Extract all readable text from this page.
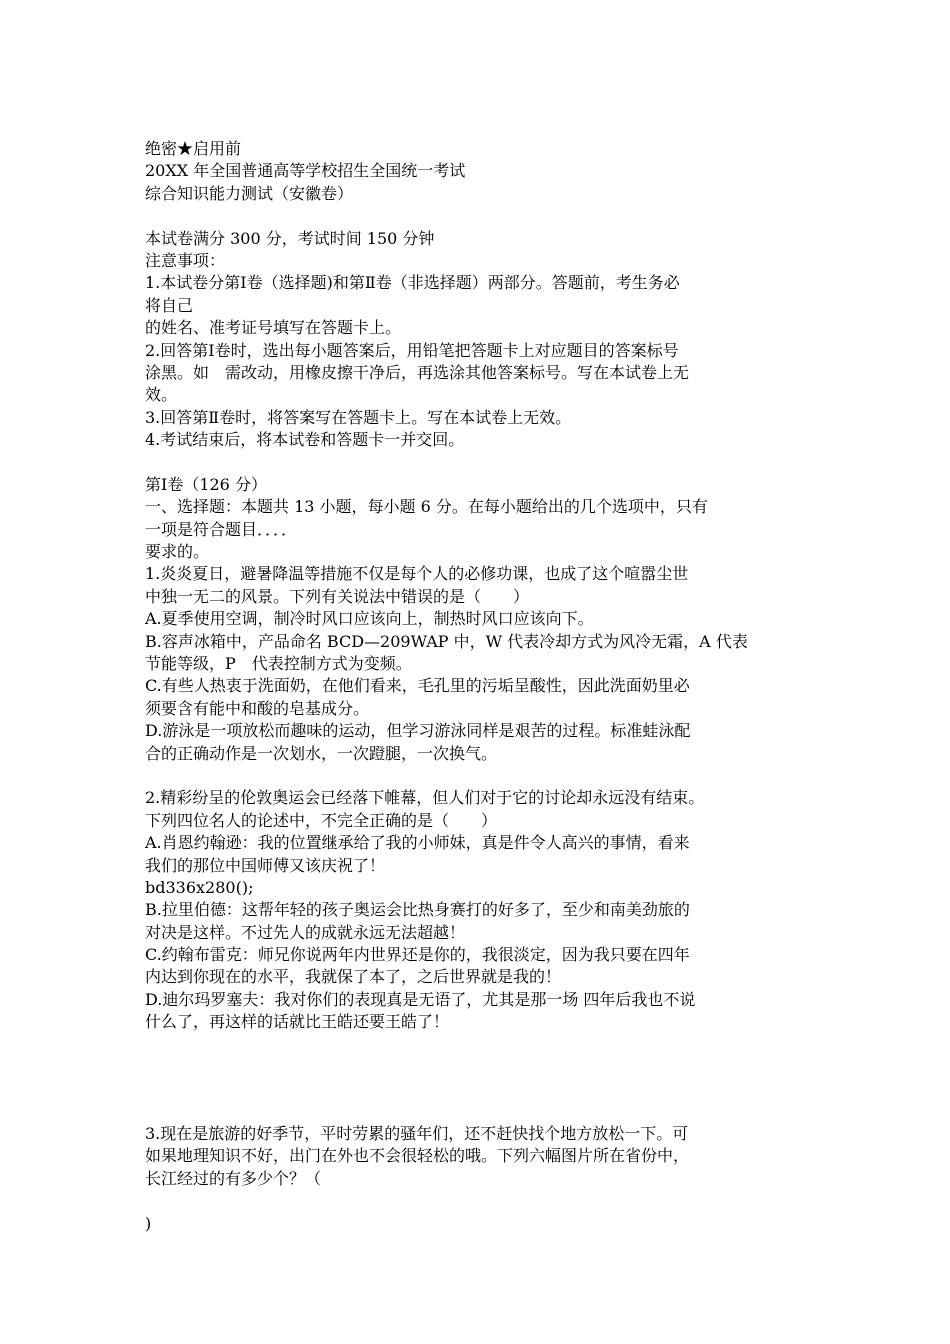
绝密★启用前
20XX 年全国普通高等学校招生全国统一考试
综合知识能力测试（安徽卷）
本试卷满分 300 分，考试时间 150 分钟
注意事项：
1.本试卷分第Ⅰ卷（选择题)和第Ⅱ卷（非选择题）两部分。答题前，考生务必
将自己
的姓名、准考证号填写在答题卡上。
2.回答第Ⅰ卷时，选出每小题答案后，用铅笔把答题卡上对应题目的答案标号
涂黑。如　需改动，用橡皮擦干净后，再选涂其他答案标号。写在本试卷上无
效。
3.回答第Ⅱ卷时，将答案写在答题卡上。写在本试卷上无效。
4.考试结束后，将本试卷和答题卡一并交回。
第Ⅰ卷（126 分）
一、选择题：本题共 13 小题，每小题 6 分。在每小题给出的几个选项中，只有
一项是符合题目．．．．
要求的。
1.炎炎夏日，避暑降温等措施不仅是每个人的必修功课，也成了这个喧嚣尘世
中独一无二的风景。下列有关说法中错误的是（　　）
A.夏季使用空调，制冷时风口应该向上，制热时风口应该向下。
B.容声冰箱中，产品命名 BCD—209WAP 中，W 代表冷却方式为风冷无霜，A 代表
节能等级，P　代表控制方式为变频。
C.有些人热衷于洗面奶，在他们看来，毛孔里的污垢呈酸性，因此洗面奶里必
须要含有能中和酸的皂基成分。
D.游泳是一项放松而趣味的运动，但学习游泳同样是艰苦的过程。标准蛙泳配
合的正确动作是一次划水，一次蹬腿，一次换气。
2.精彩纷呈的伦敦奥运会已经落下帷幕，但人们对于它的讨论却永远没有结束。
下列四位名人的论述中，不完全正确的是（　　）
A.肖恩约翰逊：我的位置继承给了我的小师妹，真是件令人高兴的事情，看来
我们的那位中国师傅又该庆祝了！
bd336x280();
B.拉里伯德：这帮年轻的孩子奥运会比热身赛打的好多了，至少和南美劲旅的
对决是这样。不过先人的成就永远无法超越！
C.约翰布雷克：师兄你说两年内世界还是你的，我很淡定，因为我只要在四年
内达到你现在的水平，我就保了本了，之后世界就是我的！
D.迪尔玛罗塞夫：我对你们的表现真是无语了，尤其是那一场 四年后我也不说
什么了，再这样的话就比王皓还要王皓了！
3.现在是旅游的好季节，平时劳累的骚年们，还不赶快找个地方放松一下。可
如果地理知识不好，出门在外也不会很轻松的哦。下列六幅图片所在省份中，
长江经过的有多少个？（
)
